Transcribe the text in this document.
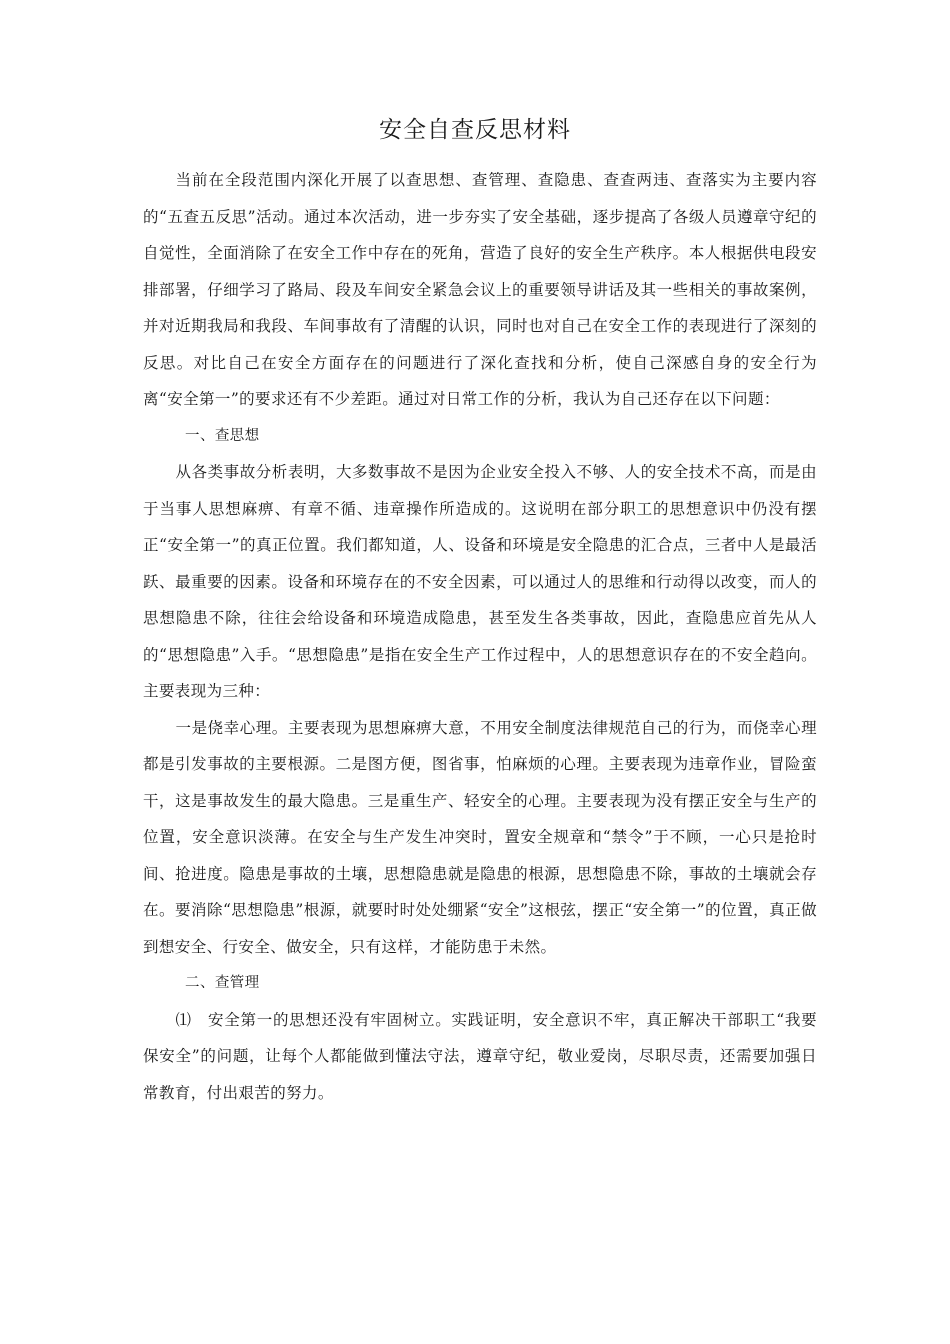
安全自查反思材料

当前在全段范围内深化开展了以查思想、查管理、查隐患、查查两违、查落实为主要内容的“五查五反思”活动。通过本次活动，进一步夯实了安全基础，逐步提高了各级人员遵章守纪的自觉性，全面消除了在安全工作中存在的死角，营造了良好的安全生产秩序。本人根据供电段安排部署，仔细学习了路局、段及车间安全紧急会议上的重要领导讲话及其一些相关的事故案例，并对近期我局和我段、车间事故有了清醒的认识，同时也对自己在安全工作的表现进行了深刻的反思。对比自己在安全方面存在的问题进行了深化查找和分析，使自己深感自身的安全行为离“安全第一”的要求还有不少差距。通过对日常工作的分析，我认为自己还存在以下问题：

一、查思想

从各类事故分析表明，大多数事故不是因为企业安全投入不够、人的安全技术不高，而是由于当事人思想麻痹、有章不循、违章操作所造成的。这说明在部分职工的思想意识中仍没有摆正“安全第一”的真正位置。我们都知道，人、设备和环境是安全隐患的汇合点，三者中人是最活跃、最重要的因素。设备和环境存在的不安全因素，可以通过人的思维和行动得以改变，而人的思想隐患不除，往往会给设备和环境造成隐患，甚至发生各类事故，因此，查隐患应首先从人的“思想隐患”入手。“思想隐患”是指在安全生产工作过程中，人的思想意识存在的不安全趋向。主要表现为三种：

一是侥幸心理。主要表现为思想麻痹大意，不用安全制度法律规范自己的行为，而侥幸心理都是引发事故的主要根源。二是图方便，图省事，怕麻烦的心理。主要表现为违章作业，冒险蛮干，这是事故发生的最大隐患。三是重生产、轻安全的心理。主要表现为没有摆正安全与生产的位置，安全意识淡薄。在安全与生产发生冲突时，置安全规章和“禁令”于不顾，一心只是抢时间、抢进度。隐患是事故的土壤，思想隐患就是隐患的根源，思想隐患不除，事故的土壤就会存在。要消除“思想隐患”根源，就要时时处处绷紧“安全”这根弦，摆正“安全第一”的位置，真正做到想安全、行安全、做安全，只有这样，才能防患于未然。

二、查管理

⑴　安全第一的思想还没有牢固树立。实践证明，安全意识不牢，真正解决干部职工“我要保安全”的问题，让每个人都能做到懂法守法，遵章守纪，敬业爱岗，尽职尽责，还需要加强日常教育，付出艰苦的努力。
